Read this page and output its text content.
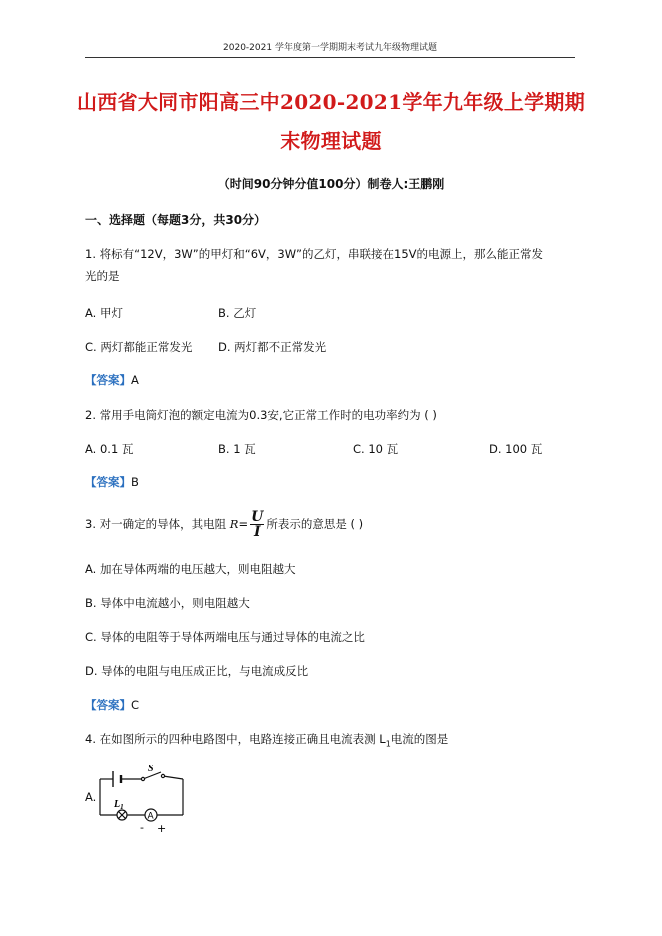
2020-2021 学年度第一学期期末考试九年级物理试题
山西省大同市阳高三中2020-2021学年九年级上学期期
末物理试题
（时间90分钟分值100分）制卷人:王鹏刚
一、选择题（每题3分，共30分）
1. 将标有“12V，3W”的甲灯和“6V，3W”的乙灯，串联接在15V的电源上，那么能正常发
光的是
A. 甲灯	B. 乙灯
C. 两灯都能正常发光 D. 两灯都不正常发光
【答案】A
2. 常用手电筒灯泡的额定电流为0.3安,它正常工作时的电功率约为 ( )
A. 0.1 瓦	B. 1 瓦	C. 10 瓦	D. 100 瓦
【答案】B
3. 对一确定的导体，其电阻 $R= \frac{U}{I}$ 所表示的意思是 ( )
A. 加在导体两端的电压越大，则电阻越大
B. 导体中电流越小，则电阻越大
C. 导体的电阻等于导体两端电压与通过导体的电流之比
D. 导体的电阻与电压成正比，与电流成反比
【答案】C
4. 在如图所示的四种电路图中，电路连接正确且电流表测 $L_1$电流的图是
A.
S
$L_1$
A
- +
